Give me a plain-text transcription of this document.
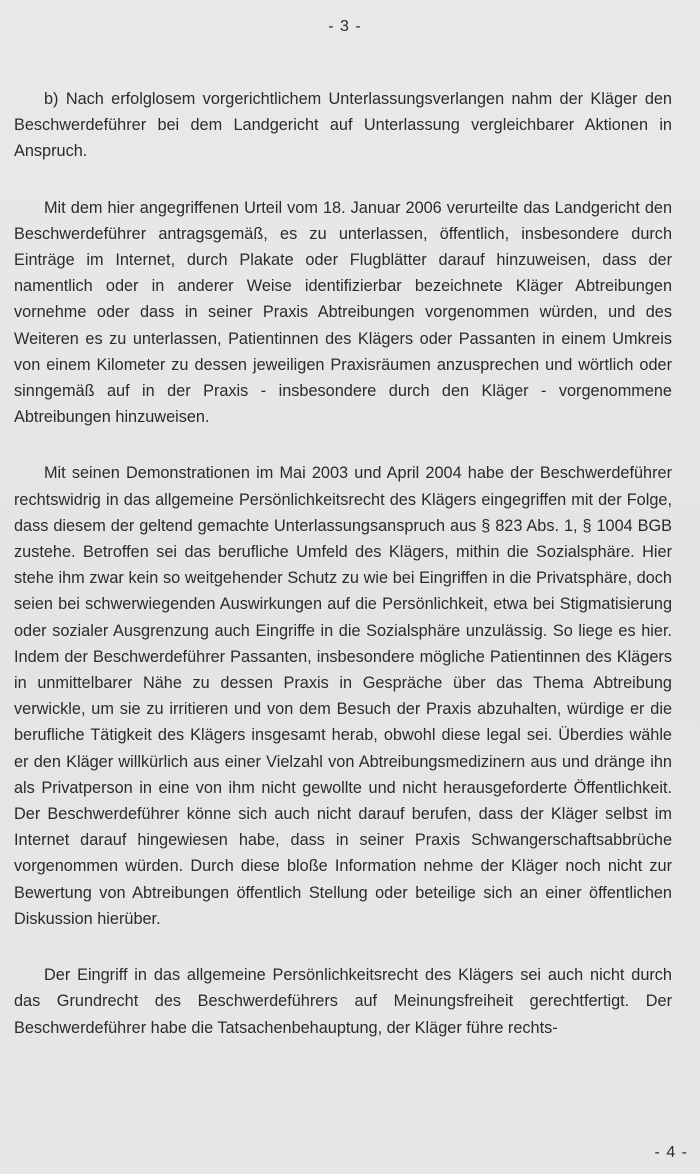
- 3 -

b) Nach erfolglosem vorgerichtlichem Unterlassungsverlangen nahm der Kläger den Beschwerdeführer bei dem Landgericht auf Unterlassung vergleichbarer Aktionen in Anspruch.

Mit dem hier angegriffenen Urteil vom 18. Januar 2006 verurteilte das Landgericht den Beschwerdeführer antragsgemäß, es zu unterlassen, öffentlich, insbesondere durch Einträge im Internet, durch Plakate oder Flugblätter darauf hinzuweisen, dass der namentlich oder in anderer Weise identifizierbar bezeichnete Kläger Abtreibungen vornehme oder dass in seiner Praxis Abtreibungen vorgenommen würden, und des Weiteren es zu unterlassen, Patientinnen des Klägers oder Passanten in einem Umkreis von einem Kilometer zu dessen jeweiligen Praxisräumen anzusprechen und wörtlich oder sinngemäß auf in der Praxis - insbesondere durch den Kläger - vorgenommene Abtreibungen hinzuweisen.

Mit seinen Demonstrationen im Mai 2003 und April 2004 habe der Beschwerdeführer rechtswidrig in das allgemeine Persönlichkeitsrecht des Klägers eingegriffen mit der Folge, dass diesem der geltend gemachte Unterlassungsanspruch aus § 823 Abs. 1, § 1004 BGB zustehe. Betroffen sei das berufliche Umfeld des Klägers, mithin die Sozialsphäre. Hier stehe ihm zwar kein so weitgehender Schutz zu wie bei Eingriffen in die Privatsphäre, doch seien bei schwerwiegenden Auswirkungen auf die Persönlichkeit, etwa bei Stigmatisierung oder sozialer Ausgrenzung auch Eingriffe in die Sozialsphäre unzulässig. So liege es hier. Indem der Beschwerdeführer Passanten, insbesondere mögliche Patientinnen des Klägers in unmittelbarer Nähe zu dessen Praxis in Gespräche über das Thema Abtreibung verwickle, um sie zu irritieren und von dem Besuch der Praxis abzuhalten, würdige er die berufliche Tätigkeit des Klägers insgesamt herab, obwohl diese legal sei. Überdies wähle er den Kläger willkürlich aus einer Vielzahl von Abtreibungsmedizinern aus und dränge ihn als Privatperson in eine von ihm nicht gewollte und nicht herausgeforderte Öffentlichkeit. Der Beschwerdeführer könne sich auch nicht darauf berufen, dass der Kläger selbst im Internet darauf hingewiesen habe, dass in seiner Praxis Schwangerschaftsabbrüche vorgenommen würden. Durch diese bloße Information nehme der Kläger noch nicht zur Bewertung von Abtreibungen öffentlich Stellung oder beteilige sich an einer öffentlichen Diskussion hierüber.

Der Eingriff in das allgemeine Persönlichkeitsrecht des Klägers sei auch nicht durch das Grundrecht des Beschwerdeführers auf Meinungsfreiheit gerechtfertigt. Der Beschwerdeführer habe die Tatsachenbehauptung, der Kläger führe rechts-

- 4 -
